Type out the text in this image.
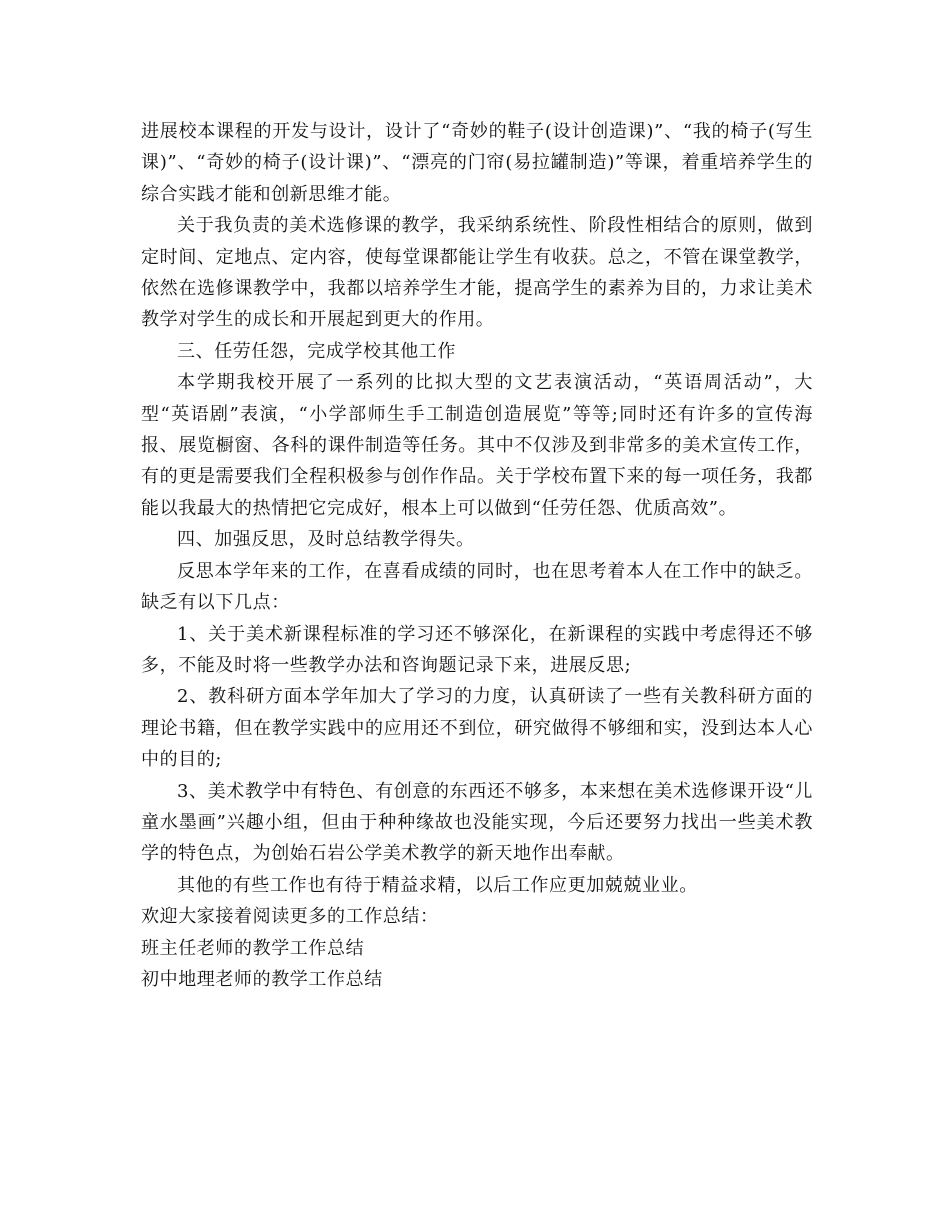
进展校本课程的开发与设计，设计了“奇妙的鞋子(设计创造课)”、“我的椅子(写生课)”、“奇妙的椅子(设计课)”、“漂亮的门帘(易拉罐制造)”等课，着重培养学生的综合实践才能和创新思维才能。

关于我负责的美术选修课的教学，我采纳系统性、阶段性相结合的原则，做到定时间、定地点、定内容，使每堂课都能让学生有收获。总之，不管在课堂教学，依然在选修课教学中，我都以培养学生才能，提高学生的素养为目的，力求让美术教学对学生的成长和开展起到更大的作用。

三、任劳任怨，完成学校其他工作

本学期我校开展了一系列的比拟大型的文艺表演活动，“英语周活动”，大型“英语剧”表演，“小学部师生手工制造创造展览”等等;同时还有许多的宣传海报、展览橱窗、各科的课件制造等任务。其中不仅涉及到非常多的美术宣传工作，有的更是需要我们全程积极参与创作作品。关于学校布置下来的每一项任务，我都能以我最大的热情把它完成好，根本上可以做到“任劳任怨、优质高效”。

四、加强反思，及时总结教学得失。

反思本学年来的工作，在喜看成绩的同时，也在思考着本人在工作中的缺乏。缺乏有以下几点：

1、关于美术新课程标准的学习还不够深化，在新课程的实践中考虑得还不够多，不能及时将一些教学办法和咨询题记录下来，进展反思;

2、教科研方面本学年加大了学习的力度，认真研读了一些有关教科研方面的理论书籍，但在教学实践中的应用还不到位，研究做得不够细和实，没到达本人心中的目的;

3、美术教学中有特色、有创意的东西还不够多，本来想在美术选修课开设“儿童水墨画”兴趣小组，但由于种种缘故也没能实现，今后还要努力找出一些美术教学的特色点，为创始石岩公学美术教学的新天地作出奉献。

其他的有些工作也有待于精益求精，以后工作应更加兢兢业业。

欢迎大家接着阅读更多的工作总结：

班主任老师的教学工作总结

初中地理老师的教学工作总结
